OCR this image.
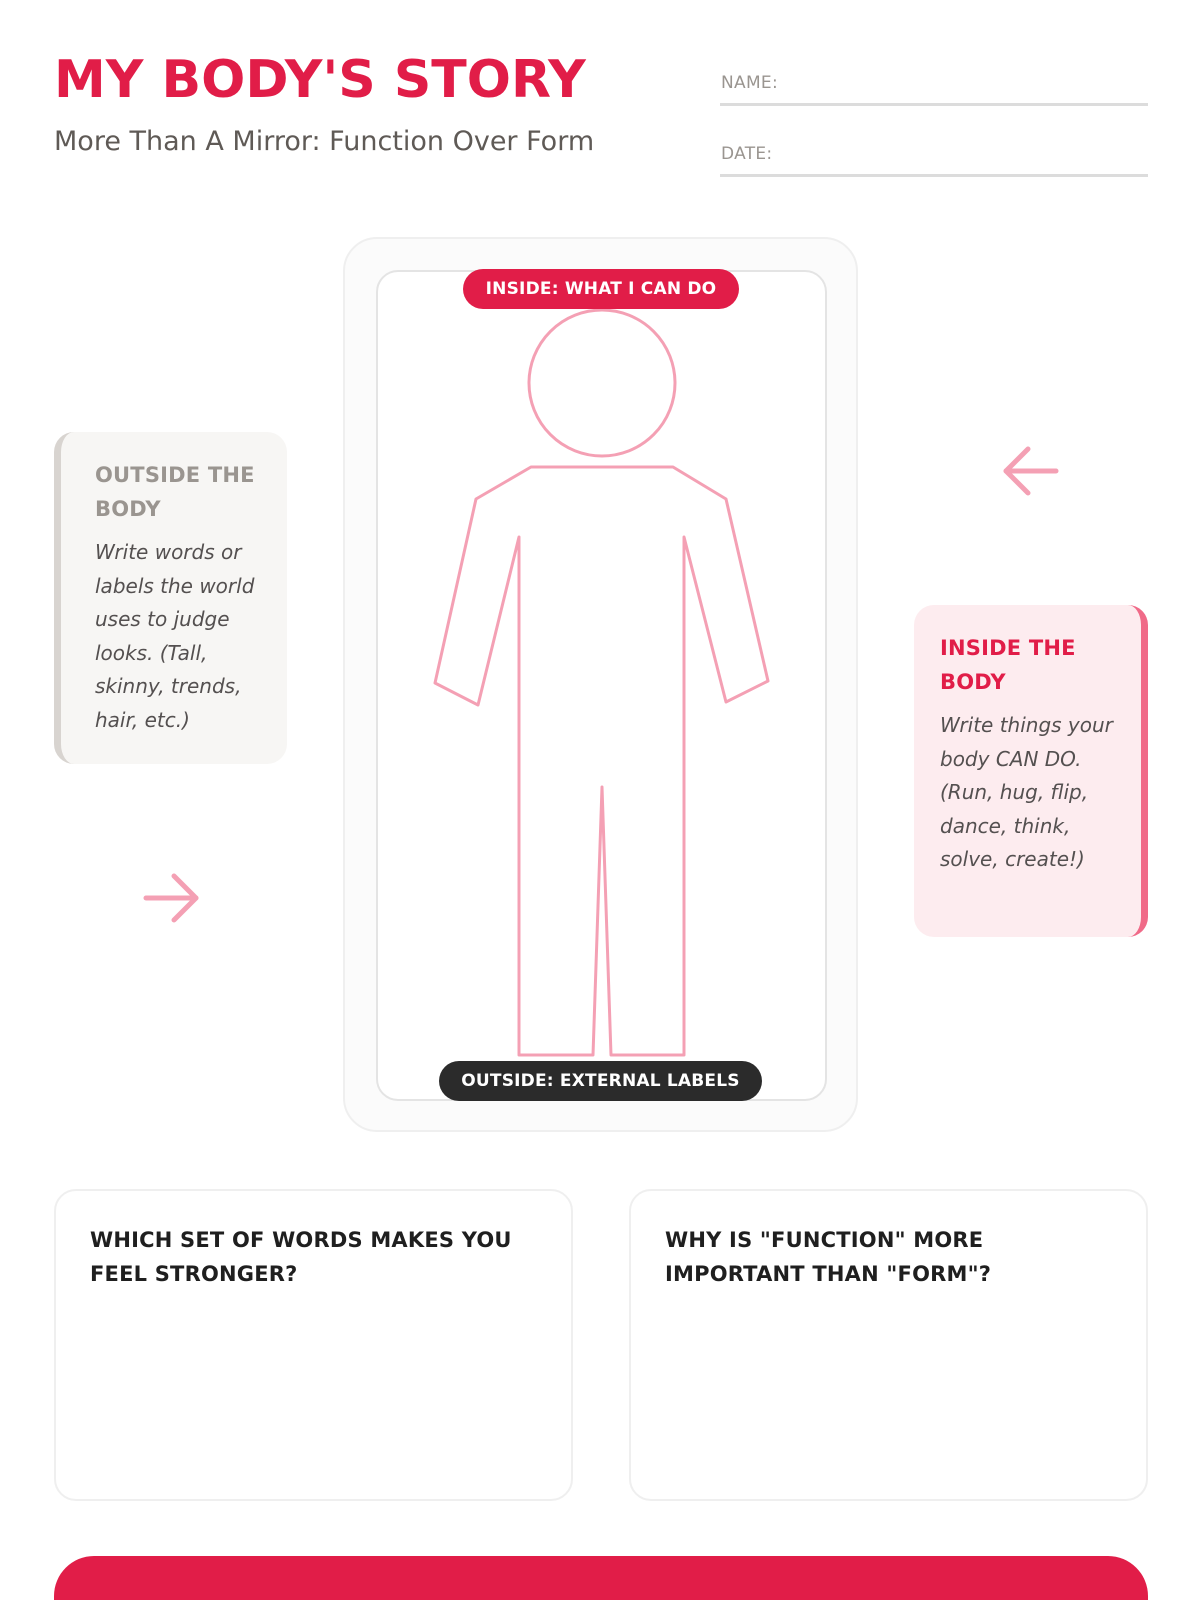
MY BODY'S STORY
More Than A Mirror: Function Over Form
NAME:
DATE:
INSIDE: WHAT I CAN DO
OUTSIDE: EXTERNAL LABELS
OUTSIDE THE BODY

Write words or labels the world uses to judge looks. (Tall, skinny, trends, hair, etc.)

INSIDE THE BODY

Write things your body CAN DO. (Run, hug, flip, dance, think, solve, create!)

WHICH SET OF WORDS MAKES YOU FEEL STRONGER?
WHY IS "FUNCTION" MORE IMPORTANT THAN "FORM"?
